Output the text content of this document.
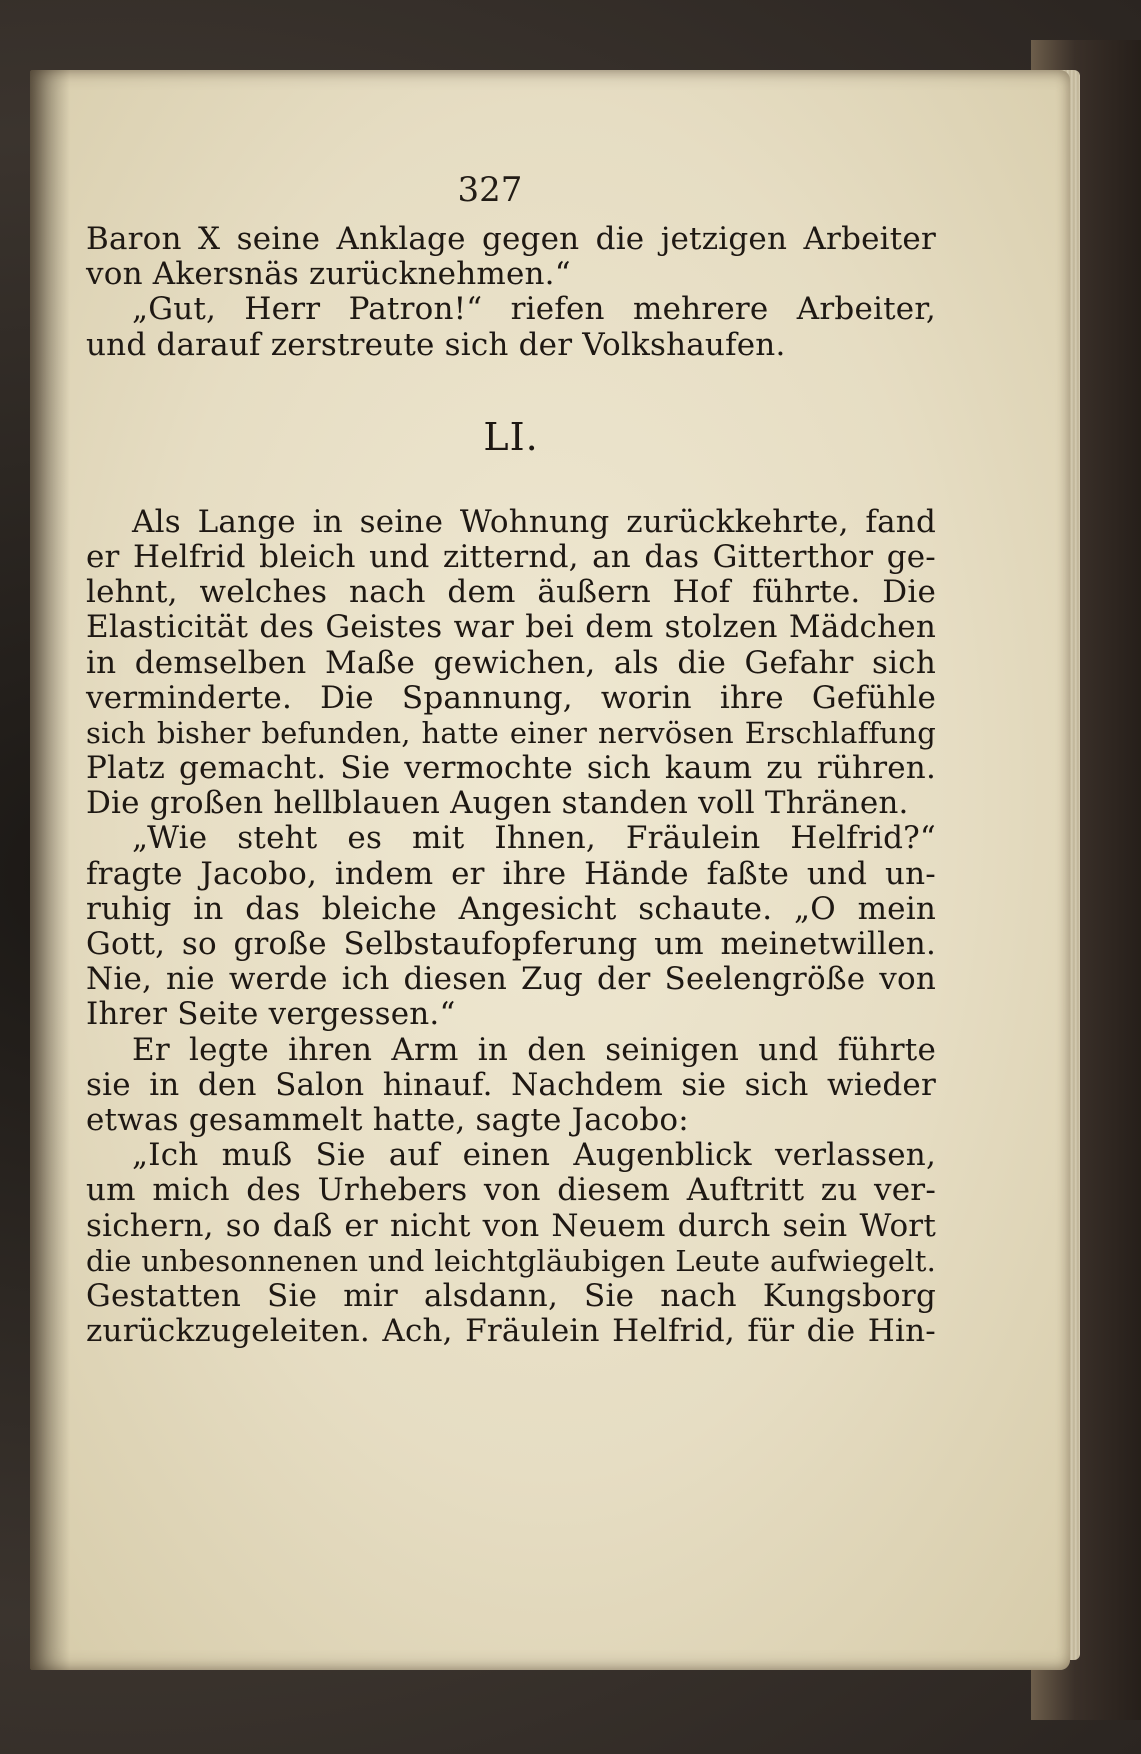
327
Baron X seine Anklage gegen die jetzigen Arbeiter
von Akersnäs zurücknehmen.“
„Gut, Herr Patron!“ riefen mehrere Arbeiter,
und darauf zerstreute sich der Volkshaufen.
LI.
Als Lange in seine Wohnung zurückkehrte, fand
er Helfrid bleich und zitternd, an das Gitterthor ge-
lehnt, welches nach dem äußern Hof führte. Die
Elasticität des Geistes war bei dem stolzen Mädchen
in demselben Maße gewichen, als die Gefahr sich
verminderte. Die Spannung, worin ihre Gefühle
sich bisher befunden, hatte einer nervösen Erschlaffung
Platz gemacht. Sie vermochte sich kaum zu rühren.
Die großen hellblauen Augen standen voll Thränen.
„Wie steht es mit Ihnen, Fräulein Helfrid?“
fragte Jacobo, indem er ihre Hände faßte und un-
ruhig in das bleiche Angesicht schaute. „O mein
Gott, so große Selbstaufopferung um meinetwillen.
Nie, nie werde ich diesen Zug der Seelengröße von
Ihrer Seite vergessen.“
Er legte ihren Arm in den seinigen und führte
sie in den Salon hinauf. Nachdem sie sich wieder
etwas gesammelt hatte, sagte Jacobo:
„Ich muß Sie auf einen Augenblick verlassen,
um mich des Urhebers von diesem Auftritt zu ver-
sichern, so daß er nicht von Neuem durch sein Wort
die unbesonnenen und leichtgläubigen Leute aufwiegelt.
Gestatten Sie mir alsdann, Sie nach Kungsborg
zurückzugeleiten. Ach, Fräulein Helfrid, für die Hin-
